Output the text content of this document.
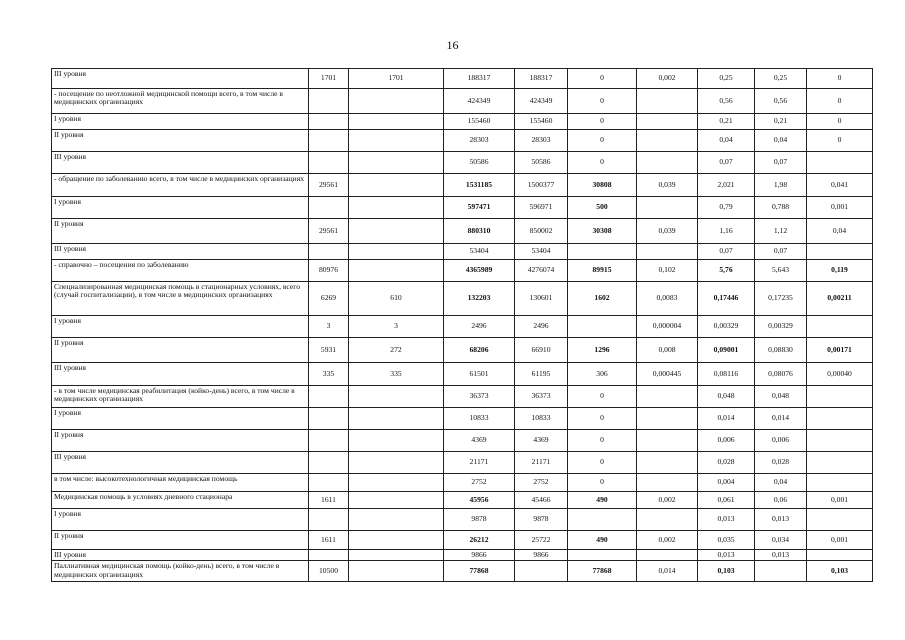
16
III уровня	1701	1701	188317	188317	0	0,002	0,25	0,25	0
- посещение по неотложной медицинской помощи всего, в том числе в медицинских организациях			424349	424349	0		0,56	0,56	0
I уровня			155460	155460	0		0,21	0,21	0
II уровня			28303	28303	0		0,04	0,04	0
III уровня			50586	50586	0		0,07	0,07	
- обращение по заболеванию всего, в том числе в медицинских организациях	29561		1531185	1500377	30808	0,039	2,021	1,98	0,041
I уровня			597471	596971	500		0,79	0,788	0,001
II уровня	29561		880310	850002	30308	0,039	1,16	1,12	0,04
III уровня			53404	53404			0,07	0,07	
- справочно – посещения по заболеванию	80976		4365989	4276074	89915	0,102	5,76	5,643	0,119
Специализированная медицинская помощь в стационарных условиях, всего (случай госпитализации), в том числе в медицинских организациях	6269	610	132203	130601	1602	0,0083	0,17446	0,17235	0,00211
I уровня	3	3	2496	2496		0,000004	0,00329	0,00329	
II уровня	5931	272	68206	66910	1296	0,008	0,09001	0,08830	0,00171
III уровня	335	335	61501	61195	306	0,000445	0,08116	0,08076	0,00040
- в том числе медицинская реабилитация (койко-день) всего, в том числе в медицинских организациях			36373	36373	0		0,048	0,048	
I уровня			10833	10833	0		0,014	0,014	
II уровня			4369	4369	0		0,006	0,006	
III уровня			21171	21171	0		0,028	0,028	
в том числе: высокотехнологичная медицинская помощь			2752	2752	0		0,004	0,04	
Медицинская помощь в условиях дневного стационара	1611		45956	45466	490	0,002	0,061	0,06	0,001
I уровня			9878	9878			0,013	0,013	
II уровня	1611		26212	25722	490	0,002	0,035	0,034	0,001
III уровня			9866	9866			0,013	0,013	
Паллиативная медицинская помощь (койко-день) всего, в том числе в медицинских организациях	10500		77868		77868	0,014	0,103		0,103
